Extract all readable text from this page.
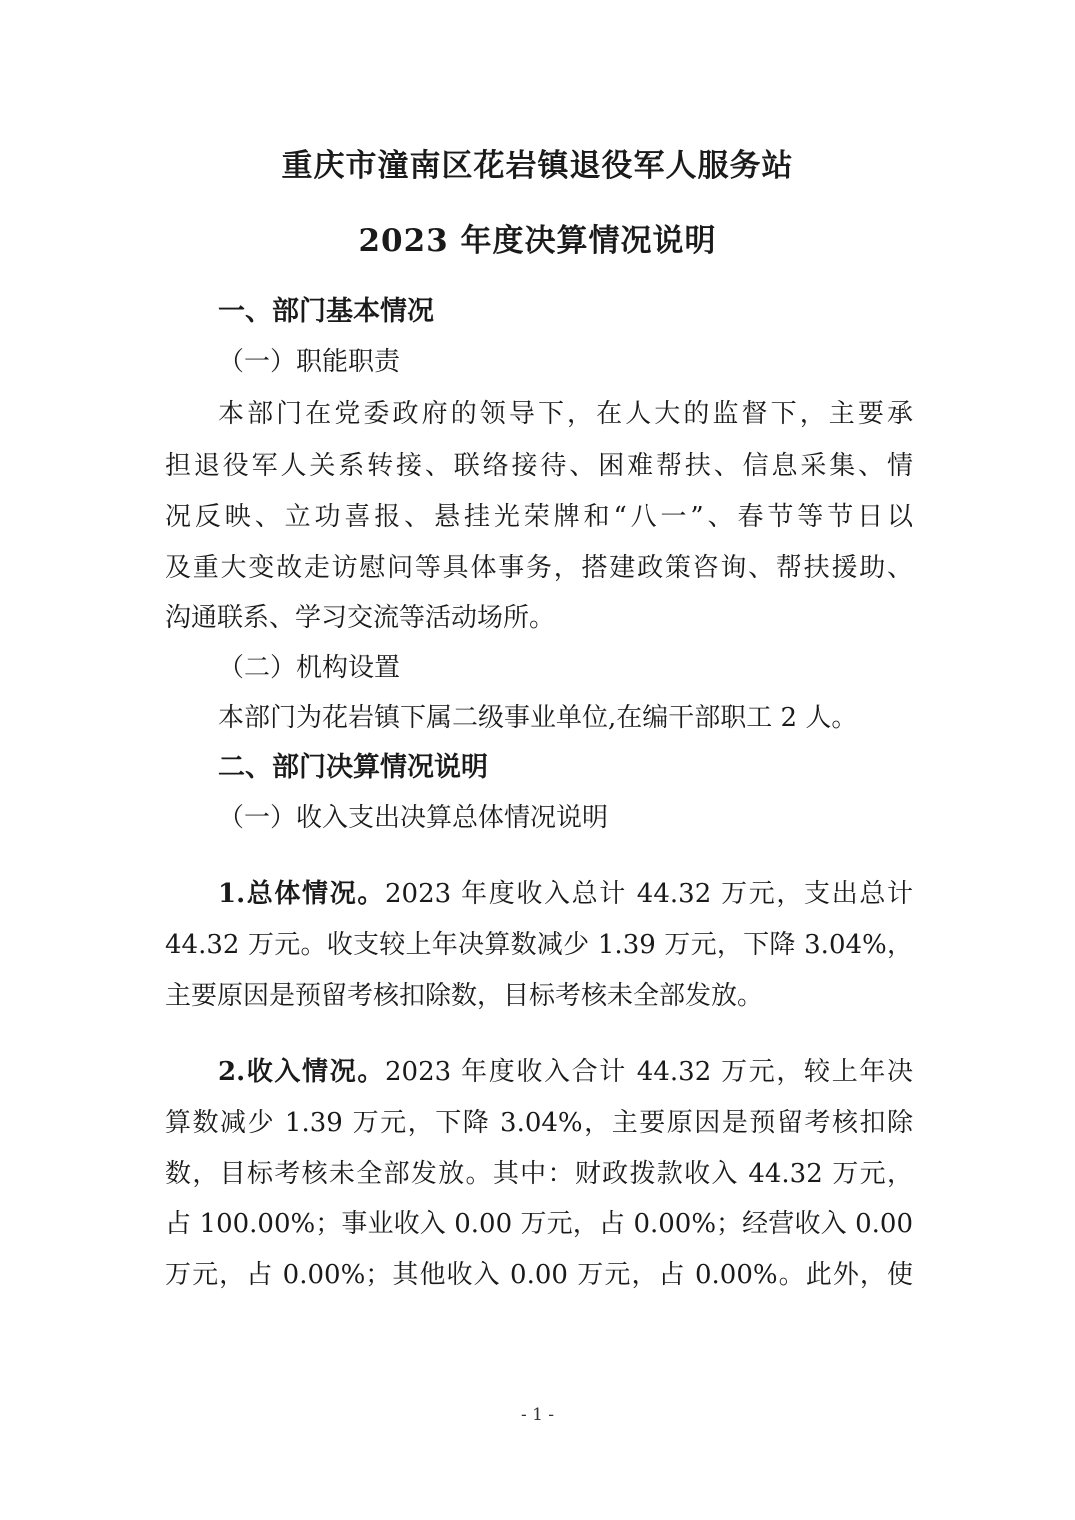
重庆市潼南区花岩镇退役军人服务站
2023 年度决算情况说明
一、部门基本情况
（一）职能职责
本部门在党委政府的领导下，在人大的监督下，主要承
担退役军人关系转接、联络接待、困难帮扶、信息采集、情
况反映、立功喜报、悬挂光荣牌和“八一”、春节等节日以
及重大变故走访慰问等具体事务，搭建政策咨询、帮扶援助、
沟通联系、学习交流等活动场所。
（二）机构设置
本部门为花岩镇下属二级事业单位,在编干部职工 2 人。
二、部门决算情况说明
（一）收入支出决算总体情况说明
1.总体情况。2023 年度收入总计 44.32 万元，支出总计
44.32 万元。收支较上年决算数减少 1.39 万元，下降 3.04%，
主要原因是预留考核扣除数，目标考核未全部发放。
2.收入情况。2023 年度收入合计 44.32 万元，较上年决
算数减少 1.39 万元，下降 3.04%，主要原因是预留考核扣除
数，目标考核未全部发放。其中：财政拨款收入 44.32 万元，
占 100.00%；事业收入 0.00 万元，占 0.00%；经营收入 0.00
万元，占 0.00%；其他收入 0.00 万元，占 0.00%。此外，使
- 1 -
